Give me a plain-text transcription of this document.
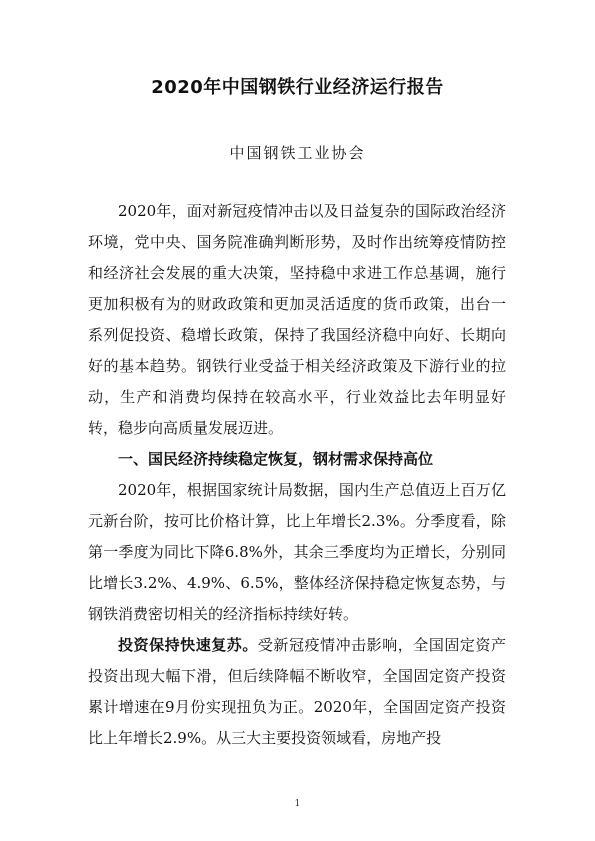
2020年中国钢铁行业经济运行报告
中国钢铁工业协会

2020年，面对新冠疫情冲击以及日益复杂的国际政治经济环境，党中央、国务院准确判断形势，及时作出统筹疫情防控和经济社会发展的重大决策，坚持稳中求进工作总基调，施行更加积极有为的财政政策和更加灵活适度的货币政策，出台一系列促投资、稳增长政策，保持了我国经济稳中向好、长期向好的基本趋势。钢铁行业受益于相关经济政策及下游行业的拉动，生产和消费均保持在较高水平，行业效益比去年明显好转，稳步向高质量发展迈进。

一、国民经济持续稳定恢复，钢材需求保持高位

2020年，根据国家统计局数据，国内生产总值迈上百万亿元新台阶，按可比价格计算，比上年增长2.3%。分季度看，除第一季度为同比下降6.8%外，其余三季度均为正增长，分别同比增长3.2%、4.9%、6.5%，整体经济保持稳定恢复态势，与钢铁消费密切相关的经济指标持续好转。

投资保持快速复苏。受新冠疫情冲击影响，全国固定资产投资出现大幅下滑，但后续降幅不断收窄，全国固定资产投资累计增速在9月份实现扭负为正。2020年，全国固定资产投资比上年增长2.9%。从三大主要投资领域看，房地产投

1
